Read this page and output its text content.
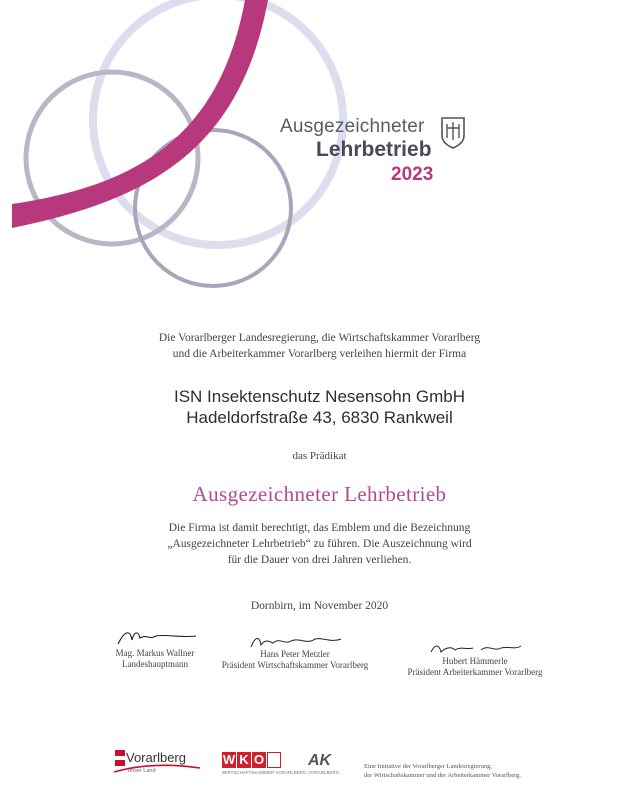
Ausgezeichneter
Lehrbetrieb
2023
Die Vorarlberger Landesregierung, die Wirtschaftskammer Vorarlberg
und die Arbeiterkammer Vorarlberg verleihen hiermit der Firma
ISN Insektenschutz Nesensohn GmbH
Hadeldorfstraße 43, 6830 Rankweil
das Prädikat
Ausgezeichneter Lehrbetrieb
Die Firma ist damit berechtigt, das Emblem und die Bezeichnung
„Ausgezeichneter Lehrbetrieb“ zu führen. Die Auszeichnung wird
für die Dauer von drei Jahren verliehen.
Dornbirn, im November 2020
Mag. Markus Wallner
Landeshauptmann
Hans Peter Metzler
Präsident Wirtschaftskammer Vorarlberg	Hubert Hämmerle
Präsident Arbeiterkammer Vorarlberg
Vorarlberg
unser Land
W K O
WIRTSCHAFTSKAMMER VORARLBERG
AK
VORARLBERG
Eine Initiative der Vorarlberger Landesregierung,
der Wirtschaftskammer und der Arbeiterkammer Vorarlberg.
